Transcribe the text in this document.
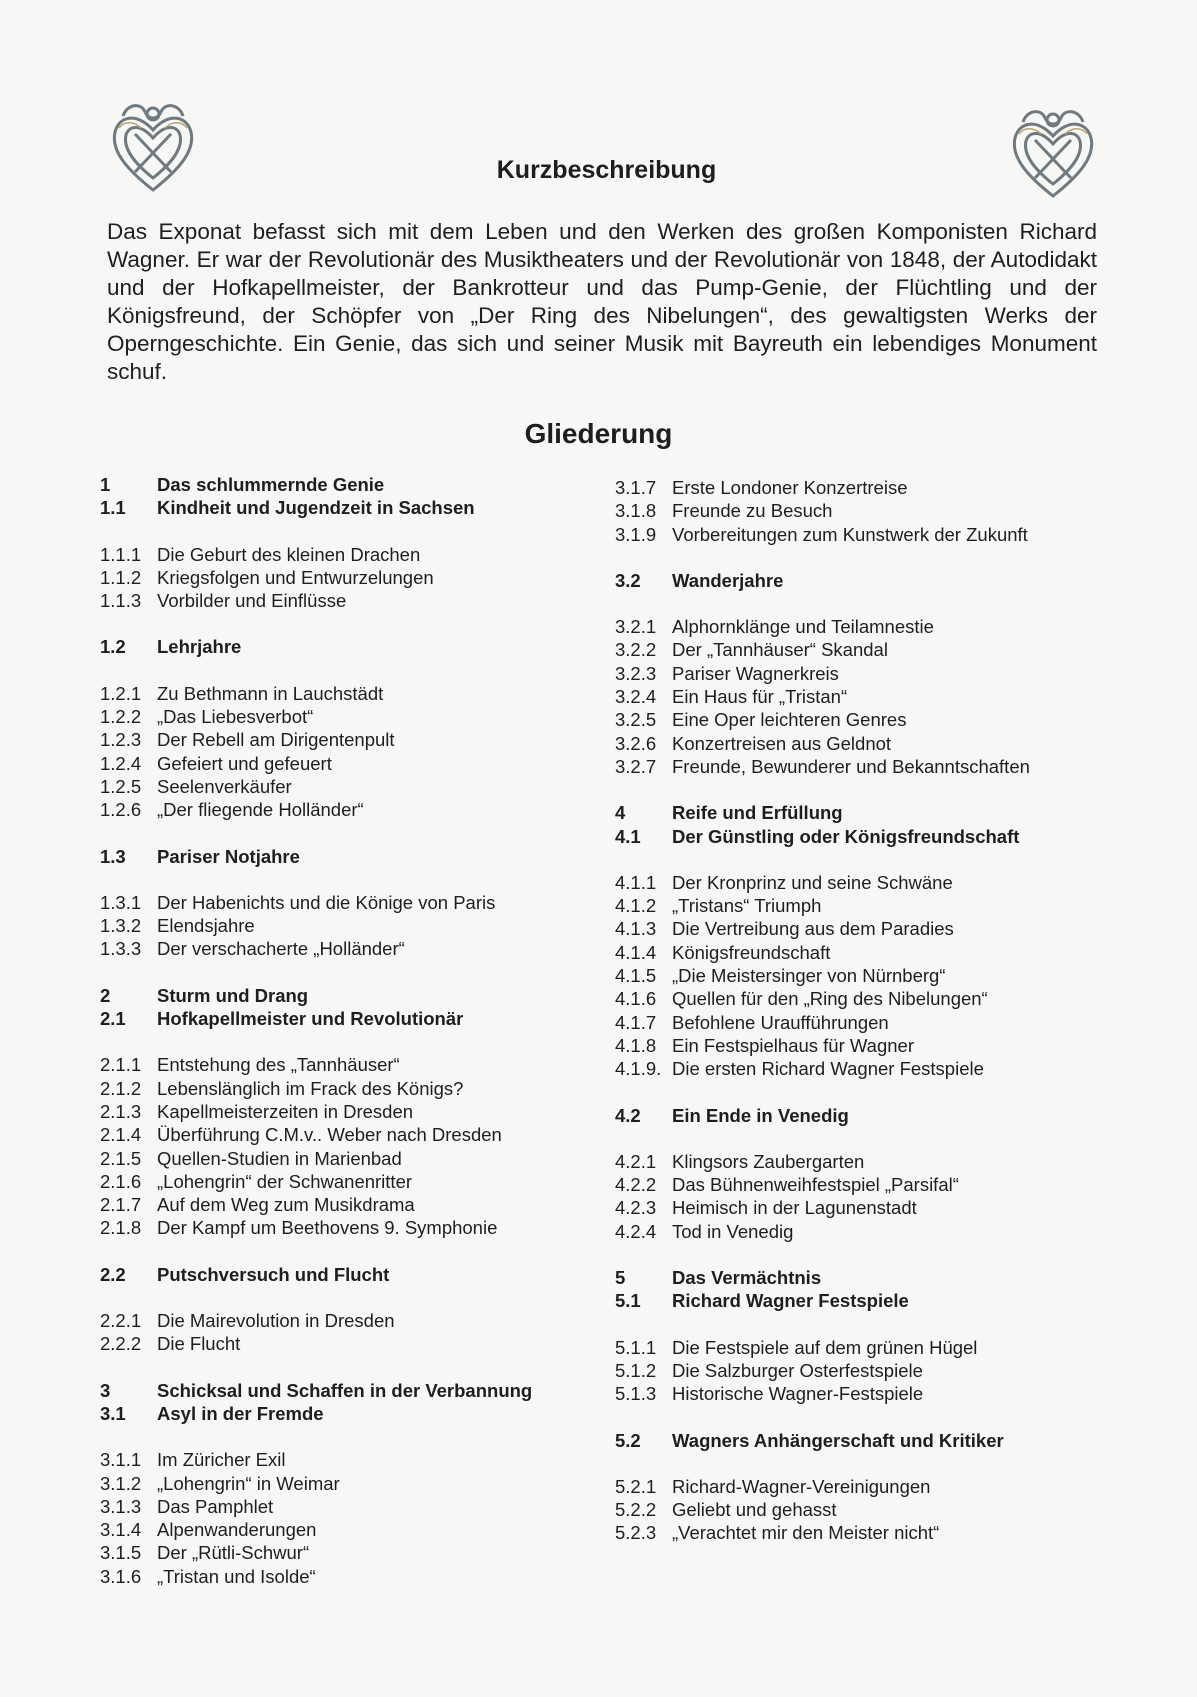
Kurzbeschreibung

Das Exponat befasst sich mit dem Leben und den Werken des großen Komponisten Richard Wagner. Er war der Revolutionär des Musiktheaters und der Revolutionär von 1848, der Autodidakt und der Hofkapellmeister, der Bankrotteur und das Pump-Genie, der Flüchtling und der Königsfreund, der Schöpfer von „Der Ring des Nibelungen“, des gewaltigsten Werks der Operngeschichte. Ein Genie, das sich und seiner Musik mit Bayreuth ein lebendiges Monument schuf.

Gliederung
1	Das schlummernde Genie
1.1	Kindheit und Jugendzeit in Sachsen
1.1.1 Die Geburt des kleinen Drachen
1.1.2 Kriegsfolgen und Entwurzelungen
1.1.3 Vorbilder und Einflüsse
1.2	Lehrjahre
1.2.1 Zu Bethmann in Lauchstädt
1.2.2 „Das Liebesverbot“
1.2.3 Der Rebell am Dirigentenpult
1.2.4 Gefeiert und gefeuert
1.2.5 Seelenverkäufer
1.2.6 „Der fliegende Holländer“
1.3	Pariser Notjahre
1.3.1 Der Habenichts und die Könige von Paris
1.3.2 Elendsjahre
1.3.3 Der verschacherte „Holländer“
2	Sturm und Drang
2.1	Hofkapellmeister und Revolutionär
2.1.1 Entstehung des „Tannhäuser“
2.1.2 Lebenslänglich im Frack des Königs?
2.1.3 Kapellmeisterzeiten in Dresden
2.1.4 Überführung C.M.v.. Weber nach Dresden
2.1.5 Quellen-Studien in Marienbad
2.1.6 „Lohengrin“ der Schwanenritter
2.1.7 Auf dem Weg zum Musikdrama
2.1.8 Der Kampf um Beethovens 9. Symphonie
2.2	Putschversuch und Flucht
2.2.1 Die Mairevolution in Dresden
2.2.2 Die Flucht
3	Schicksal und Schaffen in der Verbannung
3.1	Asyl in der Fremde
3.1.1 Im Züricher Exil
3.1.2 „Lohengrin“ in Weimar
3.1.3 Das Pamphlet
3.1.4 Alpenwanderungen
3.1.5 Der „Rütli-Schwur“
3.1.6 „Tristan und Isolde“
3.1.7 Erste Londoner Konzertreise
3.1.8 Freunde zu Besuch
3.1.9 Vorbereitungen zum Kunstwerk der Zukunft
3.2	Wanderjahre
3.2.1 Alphornklänge und Teilamnestie
3.2.2 Der „Tannhäuser“ Skandal
3.2.3 Pariser Wagnerkreis
3.2.4 Ein Haus für „Tristan“
3.2.5 Eine Oper leichteren Genres
3.2.6 Konzertreisen aus Geldnot
3.2.7 Freunde, Bewunderer und Bekanntschaften
4	Reife und Erfüllung
4.1	Der Günstling oder Königsfreundschaft
4.1.1 Der Kronprinz und seine Schwäne
4.1.2 „Tristans“ Triumph
4.1.3 Die Vertreibung aus dem Paradies
4.1.4 Königsfreundschaft
4.1.5 „Die Meistersinger von Nürnberg“
4.1.6 Quellen für den „Ring des Nibelungen“
4.1.7 Befohlene Uraufführungen
4.1.8 Ein Festspielhaus für Wagner
4.1.9. Die ersten Richard Wagner Festspiele
4.2	Ein Ende in Venedig
4.2.1 Klingsors Zaubergarten
4.2.2 Das Bühnenweihfestspiel „Parsifal“
4.2.3 Heimisch in der Lagunenstadt
4.2.4 Tod in Venedig
5	Das Vermächtnis
5.1	Richard Wagner Festspiele
5.1.1 Die Festspiele auf dem grünen Hügel
5.1.2 Die Salzburger Osterfestspiele
5.1.3 Historische Wagner-Festspiele
5.2	Wagners Anhängerschaft und Kritiker
5.2.1 Richard-Wagner-Vereinigungen
5.2.2 Geliebt und gehasst
5.2.3 „Verachtet mir den Meister nicht“
